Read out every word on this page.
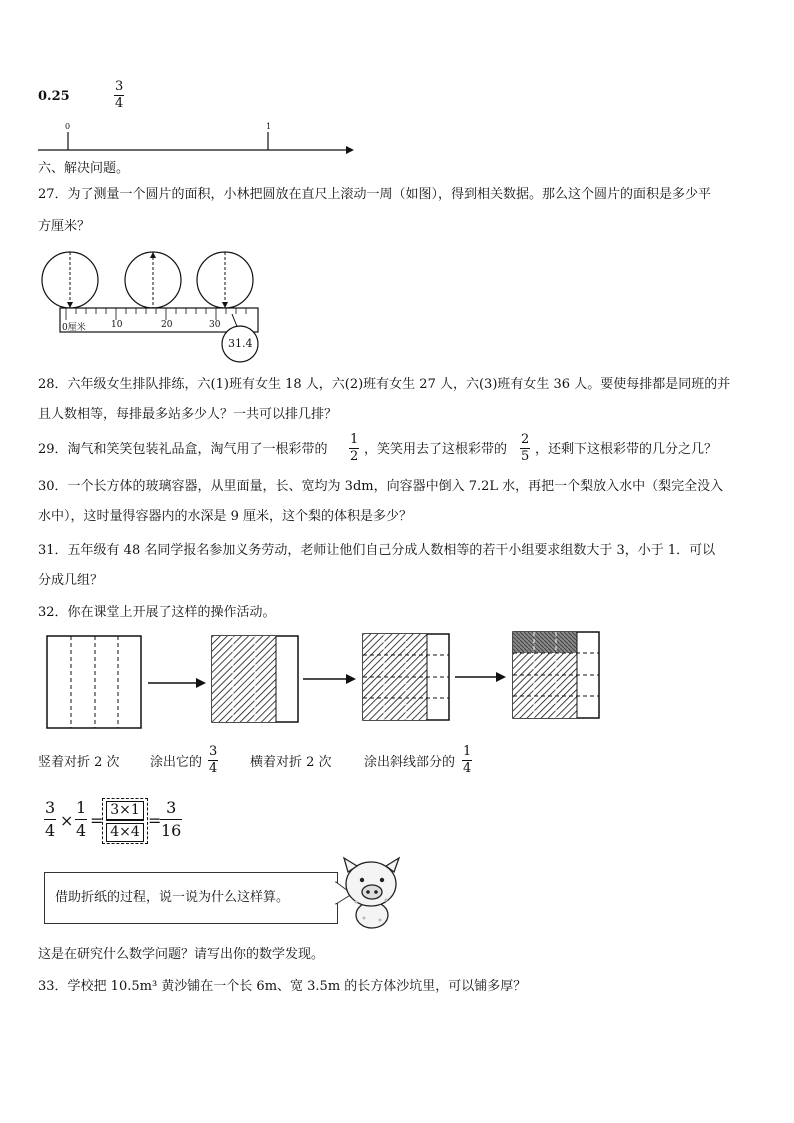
0.25
3
4
0	1
六、解决问题。
27．为了测量一个圆片的面积，小林把圆放在直尺上滚动一周（如图），得到相关数据。那么这个圆片的面积是多少平
方厘米？
0厘米	10	20	30
31.4
28．六年级女生排队排练，六(1)班有女生 18 人，六(2)班有女生 27 人，六(3)班有女生 36 人。要使每排都是同班的并
且人数相等，每排最多站多少人？一共可以排几排？
29．淘气和笑笑包装礼品盒，淘气用了一根彩带的
1
2 ，笑笑用去了这根彩带的
2
5 ，还剩下这根彩带的几分之几？
30．一个长方体的玻璃容器，从里面量，长、宽均为 3dm，向容器中倒入 7.2L 水，再把一个梨放入水中（梨完全没入
水中），这时量得容器内的水深是 9 厘米，这个梨的体积是多少？
31．五年级有 48 名同学报名参加义务劳动，老师让他们自己分成人数相等的若干小组要求组数大于 3，小于 1．可以
分成几组？
32．你在课堂上开展了这样的操作活动。
竖着对折 2 次 涂出它的
3
4	横着对折 2 次 涂出斜线部分的
1
4
3
4
×
1
4
=
$\frac{3\times 1}{4\times 4}$ =
3
16
借助折纸的过程，说一说为什么这样算。
这是在研究什么数学问题？请写出你的数学发现。
33．学校把 10.5m³ 黄沙铺在一个长 6m、宽 3.5m 的长方体沙坑里，可以铺多厚？
